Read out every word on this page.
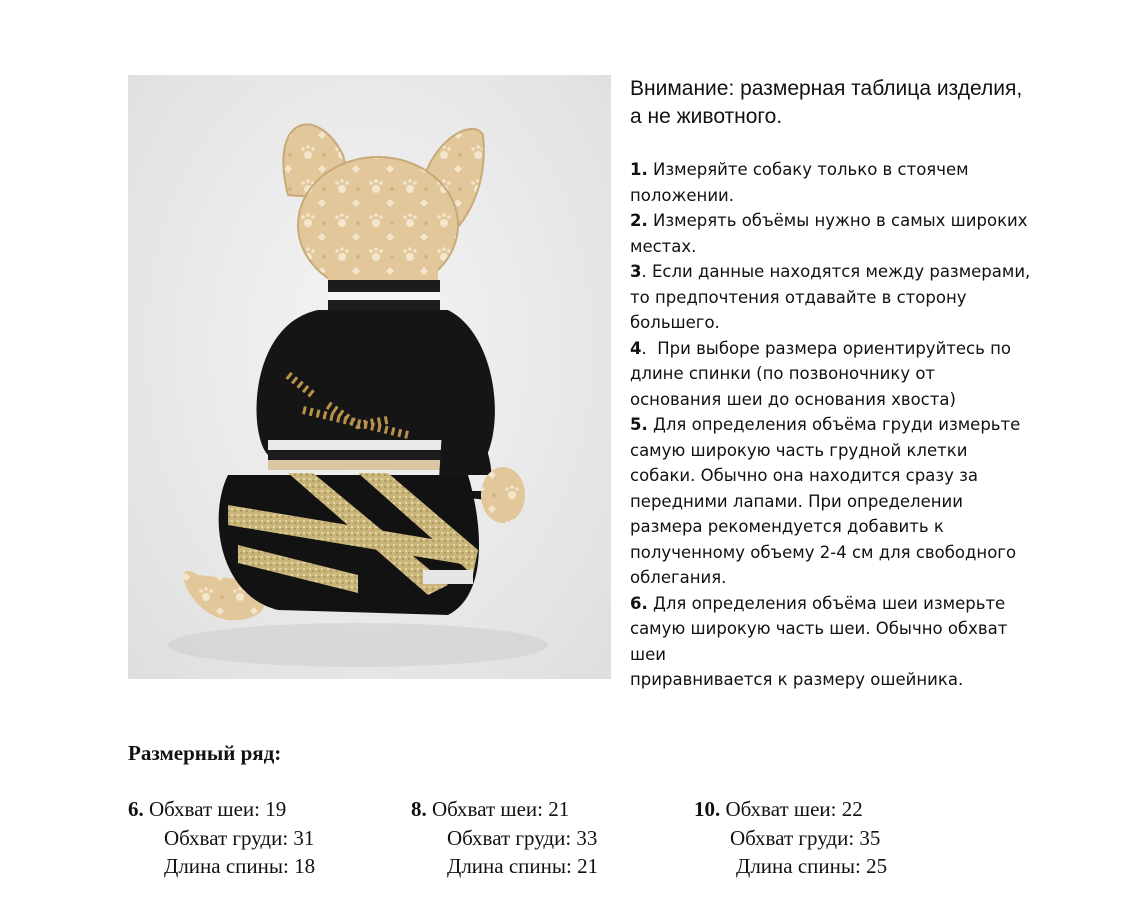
Внимание: размерная таблица изделия,
а не животного.
1. Измеряйте собаку только в стоячем
положении.
2. Измерять объёмы нужно в самых широких
местах.
3. Если данные находятся между размерами,
то предпочтения отдавайте в сторону
большего.
4. При выборе размера ориентируйтесь по
длине спинки (по позвоночнику от
основания шеи до основания хвоста)
5. Для определения объёма груди измерьте
самую широкую часть грудной клетки
собаки. Обычно она находится сразу за
передними лапами. При определении
размера рекомендуется добавить к
полученному объему 2-4 см для свободного
облегания.
6. Для определения объёма шеи измерьте
самую широкую часть шеи. Обычно обхват
шеи
приравнивается к размеру ошейника.
Размерный ряд:
6. Обхват шеи: 19
Обхват груди: 31
Длина спины: 18
8. Обхват шеи: 21
Обхват груди: 33
Длина спины: 21
10. Обхват шеи: 22
Обхват груди: 35
Длина спины: 25
